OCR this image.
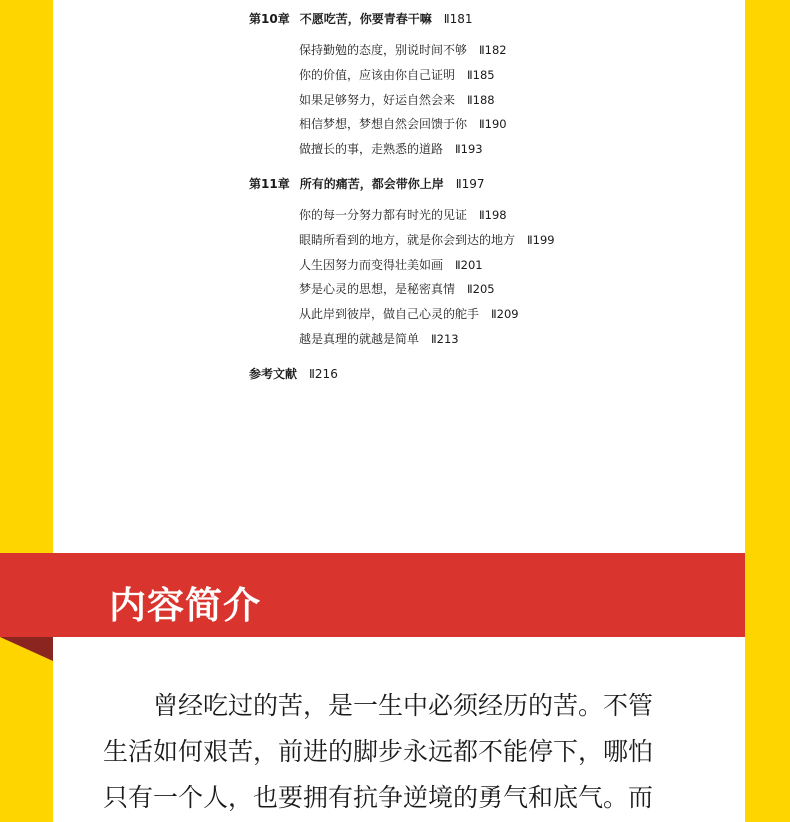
第10章 不愿吃苦，你要青春干嘛 Ⅱ181
保持勤勉的态度，别说时间不够 Ⅱ182
你的价值，应该由你自己证明 Ⅱ185
如果足够努力，好运自然会来 Ⅱ188
相信梦想，梦想自然会回馈于你 Ⅱ190
做擅长的事，走熟悉的道路 Ⅱ193
第11章 所有的痛苦，都会带你上岸 Ⅱ197
你的每一分努力都有时光的见证 Ⅱ198
眼睛所看到的地方，就是你会到达的地方 Ⅱ199
人生因努力而变得壮美如画 Ⅱ201
梦是心灵的思想，是秘密真情 Ⅱ205
从此岸到彼岸，做自己心灵的舵手 Ⅱ209
越是真理的就越是简单 Ⅱ213
参考文献 Ⅱ216
内容简介

曾经吃过的苦，是一生中必须经历的苦。不管

生活如何艰苦，前进的脚步永远都不能停下，哪怕

只有一个人，也要拥有抗争逆境的勇气和底气。而
